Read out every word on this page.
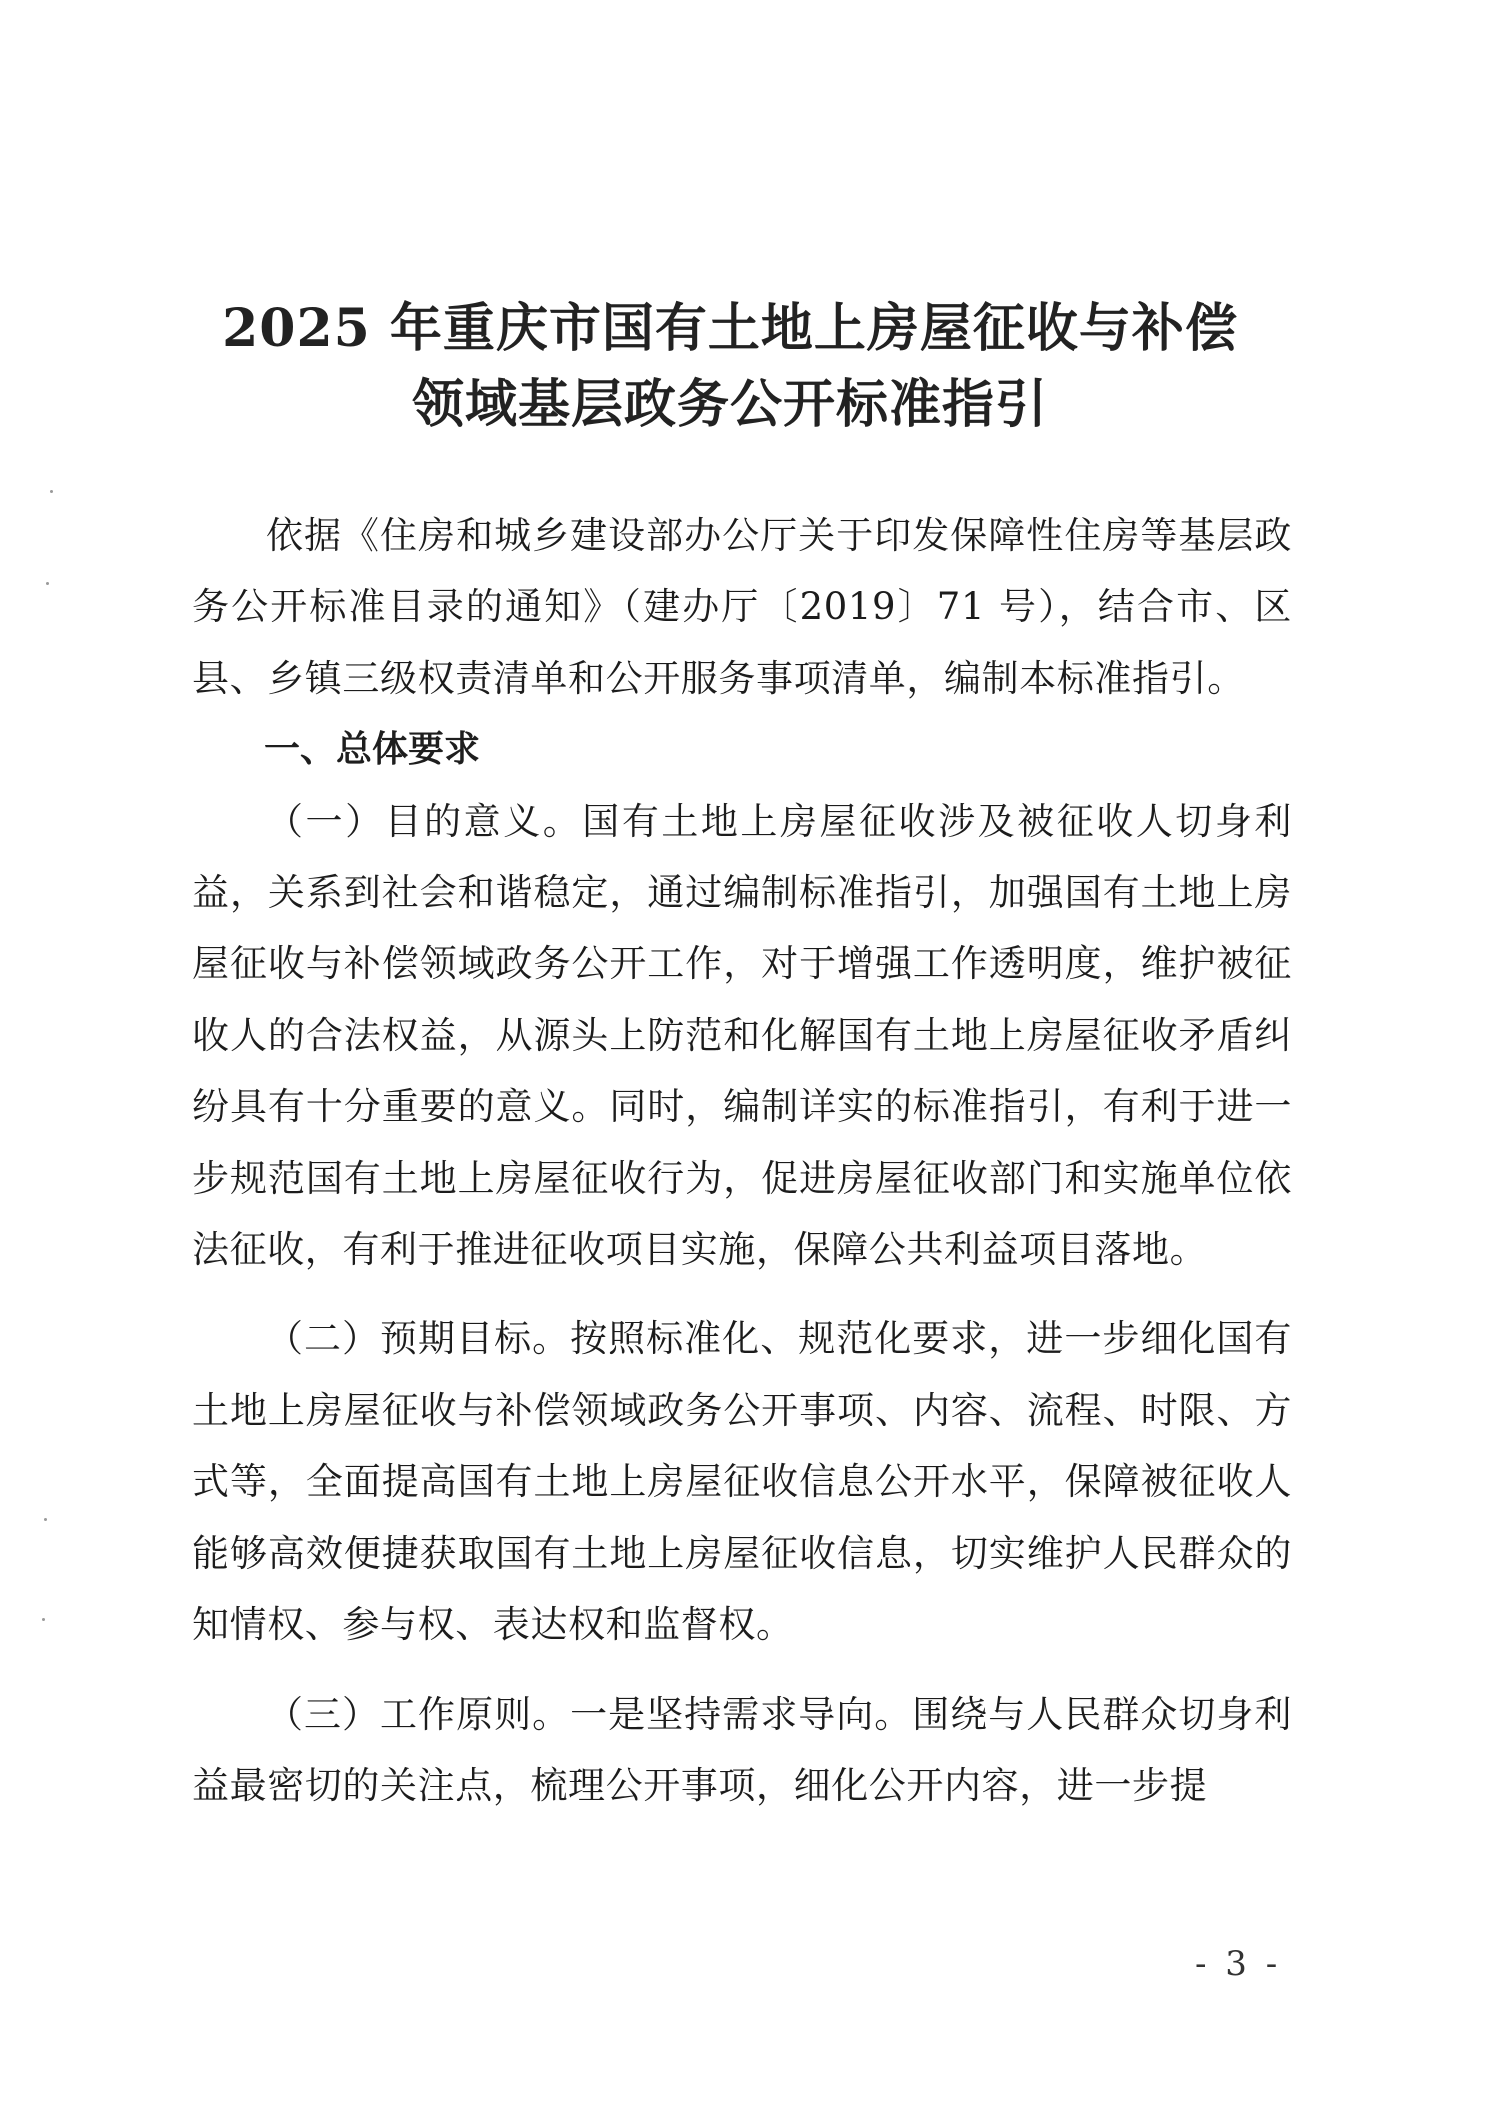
2025 年重庆市国有土地上房屋征收与补偿
领域基层政务公开标准指引

依据《住房和城乡建设部办公厅关于印发保障性住房等基层政务公开标准目录的通知》（建办厅〔2019〕71 号），结合市、区县、乡镇三级权责清单和公开服务事项清单，编制本标准指引。

一、总体要求

（一）目的意义。国有土地上房屋征收涉及被征收人切身利益，关系到社会和谐稳定，通过编制标准指引，加强国有土地上房屋征收与补偿领域政务公开工作，对于增强工作透明度，维护被征收人的合法权益，从源头上防范和化解国有土地上房屋征收矛盾纠纷具有十分重要的意义。同时，编制详实的标准指引，有利于进一步规范国有土地上房屋征收行为，促进房屋征收部门和实施单位依法征收，有利于推进征收项目实施，保障公共利益项目落地。

（二）预期目标。按照标准化、规范化要求，进一步细化国有土地上房屋征收与补偿领域政务公开事项、内容、流程、时限、方式等，全面提高国有土地上房屋征收信息公开水平，保障被征收人能够高效便捷获取国有土地上房屋征收信息，切实维护人民群众的知情权、参与权、表达权和监督权。

（三）工作原则。一是坚持需求导向。围绕与人民群众切身利益最密切的关注点，梳理公开事项，细化公开内容，进一步提

- 3 -
